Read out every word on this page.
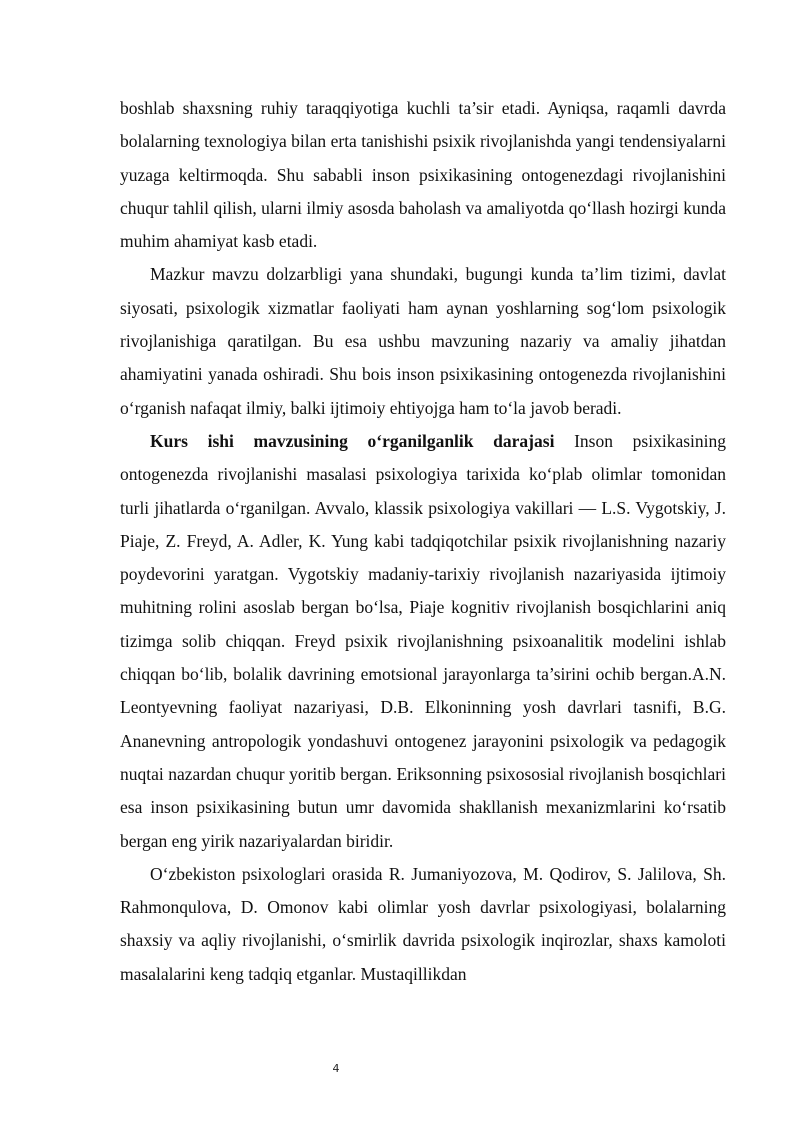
boshlab shaxsning ruhiy taraqqiyotiga kuchli ta’sir etadi. Ayniqsa, raqamli davrda bolalarning texnologiya bilan erta tanishishi psixik rivojlanishda yangi tendensiyalarni yuzaga keltirmoqda. Shu sababli inson psixikasining ontogenezdagi rivojlanishini chuqur tahlil qilish, ularni ilmiy asosda baholash va amaliyotda qo‘llash hozirgi kunda muhim ahamiyat kasb etadi.

Mazkur mavzu dolzarbligi yana shundaki, bugungi kunda ta’lim tizimi, davlat siyosati, psixologik xizmatlar faoliyati ham aynan yoshlarning sog‘lom psixologik rivojlanishiga qaratilgan. Bu esa ushbu mavzuning nazariy va amaliy jihatdan ahamiyatini yanada oshiradi. Shu bois inson psixikasining ontogenezda rivojlanishini o‘rganish nafaqat ilmiy, balki ijtimoiy ehtiyojga ham to‘la javob beradi.

Kurs ishi mavzusining o‘rganilganlik darajasi Inson psixikasining ontogenezda rivojlanishi masalasi psixologiya tarixida ko‘plab olimlar tomonidan turli jihatlarda o‘rganilgan. Avvalo, klassik psixologiya vakillari — L.S. Vygotskiy, J. Piaje, Z. Freyd, A. Adler, K. Yung kabi tadqiqotchilar psixik rivojlanishning nazariy poydevorini yaratgan. Vygotskiy madaniy-tarixiy rivojlanish nazariyasida ijtimoiy muhitning rolini asoslab bergan bo‘lsa, Piaje kognitiv rivojlanish bosqichlarini aniq tizimga solib chiqqan. Freyd psixik rivojlanishning psixoanalitik modelini ishlab chiqqan bo‘lib, bolalik davrining emotsional jarayonlarga ta’sirini ochib bergan.A.N. Leontyevning faoliyat nazariyasi, D.B. Elkoninning yosh davrlari tasnifi, B.G. Ananevning antropologik yondashuvi ontogenez jarayonini psixologik va pedagogik nuqtai nazardan chuqur yoritib bergan. Eriksonning psixososial rivojlanish bosqichlari esa inson psixikasining butun umr davomida shakllanish mexanizmlarini ko‘rsatib bergan eng yirik nazariyalardan biridir.

O‘zbekiston psixologlari orasida R. Jumaniyozova, M. Qodirov, S. Jalilova, Sh. Rahmonqulova, D. Omonov kabi olimlar yosh davrlar psixologiyasi, bolalarning shaxsiy va aqliy rivojlanishi, o‘smirlik davrida psixologik inqirozlar, shaxs kamoloti masalalarini keng tadqiq etganlar. Mustaqillikdan

4
